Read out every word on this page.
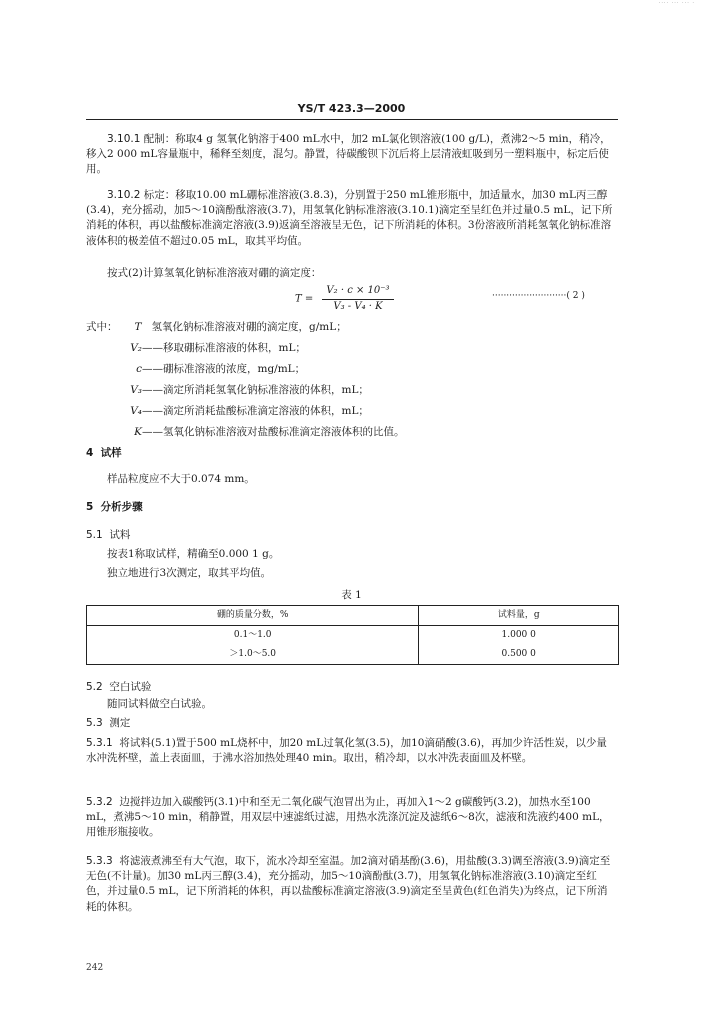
···· ··· ··· ·
YS/T 423.3—2000
3.10.1 配制：称取4 g 氢氧化钠溶于400 mL水中，加2 mL氯化钡溶液(100 g/L)，煮沸2～5 min，稍冷，移入2 000 mL容量瓶中，稀释至刻度，混匀。静置，待碳酸钡下沉后将上层清液虹吸到另一塑料瓶中，标定后使用。
3.10.2 标定：移取10.00 mL硼标准溶液(3.8.3)，分别置于250 mL锥形瓶中，加适量水，加30 mL丙三醇(3.4)，充分摇动，加5～10滴酚酞溶液(3.7)，用氢氧化钠标准溶液(3.10.1)滴定至呈红色并过量0.5 mL，记下所消耗的体积，再以盐酸标准滴定溶液(3.9)返滴至溶液呈无色，记下所消耗的体积。3份溶液所消耗氢氧化钠标准溶液体积的极差值不超过0.05 mL，取其平均值。
按式(2)计算氢氧化钠标准溶液对硼的滴定度：
$T = \frac{\text{V₂ · c × 10⁻³}}{\text{V₃ - V₄ · K}}$	··························( 2 )
式中： T 氢氧化钠标准溶液对硼的滴定度，g/mL；
V₂——移取硼标准溶液的体积，mL；
c——硼标准溶液的浓度，mg/mL；
V₃——滴定所消耗氢氧化钠标准溶液的体积，mL；
V₄——滴定所消耗盐酸标准滴定溶液的体积，mL；
K——氢氧化钠标准溶液对盐酸标准滴定溶液体积的比值。
4 试样
样品粒度应不大于0.074 mm。
5 分析步骤
5.1 试料
按表1称取试样，精确至0.000 1 g。
独立地进行3次测定，取其平均值。
表 1
硼的质量分数，%	试料量，g
0.1～1.0	1.000 0
＞1.0～5.0	0.500 0
5.2 空白试验
随同试料做空白试验。
5.3 测定
5.3.1 将试料(5.1)置于500 mL烧杯中，加20 mL过氧化氢(3.5)，加10滴硝酸(3.6)，再加少许活性炭，以少量水冲洗杯壁，盖上表面皿，于沸水浴加热处理40 min。取出，稍冷却，以水冲洗表面皿及杯壁。
5.3.2 边搅拌边加入碳酸钙(3.1)中和至无二氧化碳气泡冒出为止，再加入1～2 g碳酸钙(3.2)，加热水至100 mL，煮沸5～10 min，稍静置，用双层中速滤纸过滤，用热水洗涤沉淀及滤纸6～8次，滤液和洗液约400 mL，用锥形瓶接收。
5.3.3 将滤液煮沸至有大气泡，取下，流水冷却至室温。加2滴对硝基酚(3.6)，用盐酸(3.3)调至溶液(3.9)滴定至无色(不计量)。加30 mL丙三醇(3.4)，充分摇动，加5～10滴酚酞(3.7)，用氢氧化钠标准溶液(3.10)滴定至红色，并过量0.5 mL，记下所消耗的体积，再以盐酸标准滴定溶液(3.9)滴定至呈黄色(红色消失)为终点，记下所消耗的体积。
242
